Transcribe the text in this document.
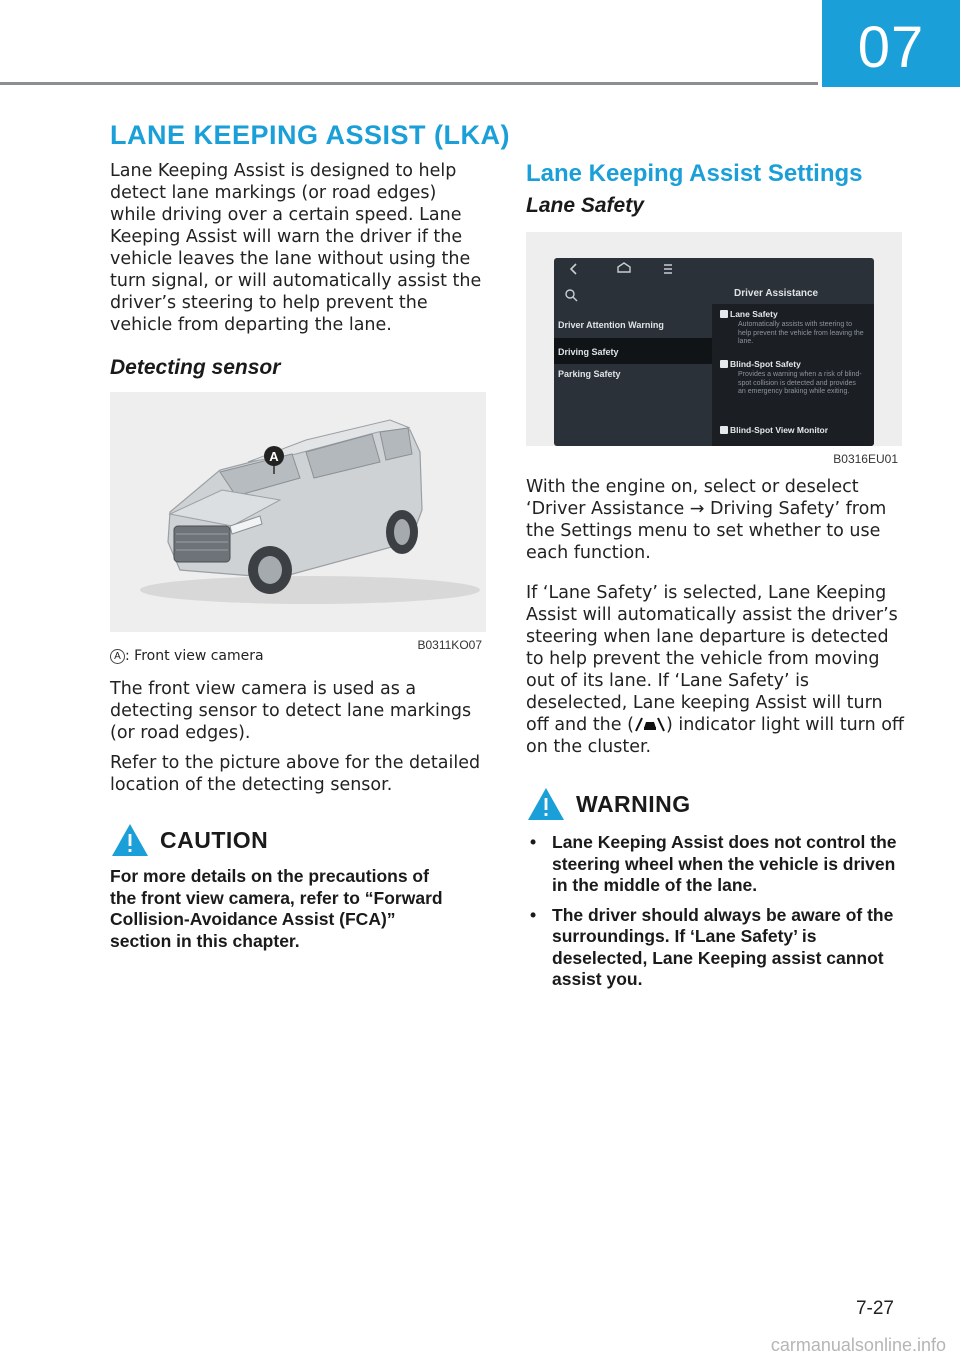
07
LANE KEEPING ASSIST (LKA)

Lane Keeping Assist is designed to help detect lane markings (or road edges) while driving over a certain speed. Lane Keeping Assist will warn the driver if the vehicle leaves the lane without using the turn signal, or will automatically assist the driver’s steering to help prevent the vehicle from departing the lane.

Detecting sensor
A
B0311KO07
A : Front view camera

The front view camera is used as a detecting sensor to detect lane markings (or road edges).

Refer to the picture above for the detailed location of the detecting sensor.

CAUTION

For more details on the precautions of the front view camera, refer to “Forward Collision-Avoidance Assist (FCA)” section in this chapter.

Lane Keeping Assist Settings
Lane Safety
Driver Assistance
Driver Attention Warning
Driving Safety
Parking Safety
Lane Safety
Automatically assists with steering to help prevent the vehicle from leaving the lane.
Blind-Spot Safety
Provides a warning when a risk of blind-spot collision is detected and provides an emergency braking while exiting.
Blind-Spot View Monitor
B0316EU01

With the engine on, select or deselect ‘Driver Assistance → Driving Safety’ from the Settings menu to set whether to use each function.

If ‘Lane Safety’ is selected, Lane Keeping Assist will automatically assist the driver’s steering when lane departure is detected to help prevent the vehicle from moving out of its lane. If ‘Lane Safety’ is deselected, Lane keeping Assist will turn off and the ( ) indicator light will turn off on the cluster.

WARNING
• Lane Keeping Assist does not control the steering wheel when the vehicle is driven in the middle of the lane.
• The driver should always be aware of the surroundings. If ‘Lane Safety’ is deselected, Lane Keeping assist cannot assist you.
7-27
carmanualsonline.info
